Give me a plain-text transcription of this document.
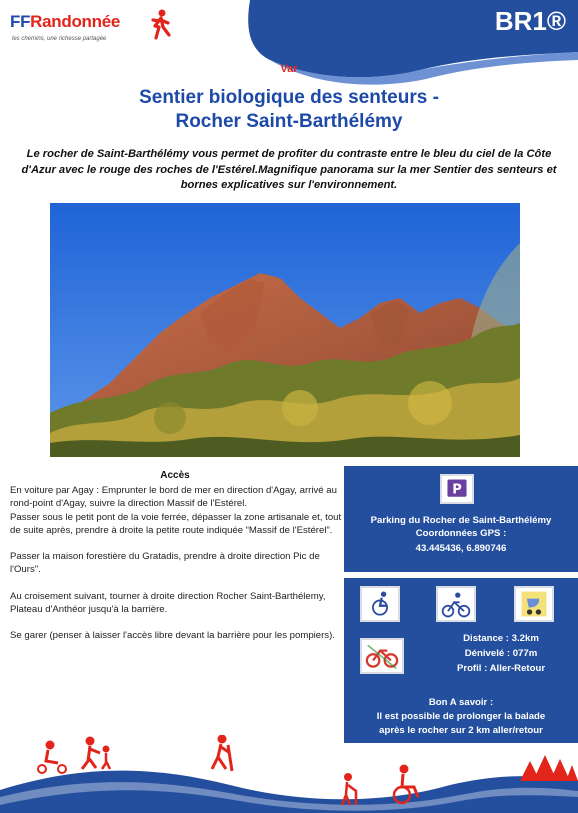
FFRandonnée
les chemins, une richesse partagée
BR1®
Var
Sentier biologique des senteurs -
Rocher Saint-Barthélémy
Le rocher de Saint-Barthélémy vous permet de profiter du contraste entre le bleu du ciel de la Côte d'Azur avec le rouge des roches de l'Estérel.Magnifique panorama sur la mer Sentier des senteurs et bornes explicatives sur l'environnement.
Accès

En voiture par Agay : Emprunter le bord de mer en direction d'Agay, arrivé au rond-point d'Agay, suivre la direction Massif de l'Estérel.
Passer sous le petit pont de la voie ferrée, dépasser la zone artisanale et, tout de suite après, prendre à droite la petite route indiquée “Massif de l'Estérel”.

Passer la maison forestière du Gratadis, prendre à droite direction Pic de l'Ours".

Au croisement suivant, tourner à droite direction Rocher Saint-Barthélemy, Plateau d'Anthéor jusqu'à la barrière.

Se garer (penser à laisser l'accès libre devant la barrière pour les pompiers).

P
Parking du Rocher de Saint-Barthélémy
Coordonnées GPS :
43.445436, 6.890746
Distance : 3.2km
Dénivelé : 077m
Profil : Aller-Retour
Bon A savoir :
Il est possible de prolonger la balade
après le rocher sur 2 km aller/retour
